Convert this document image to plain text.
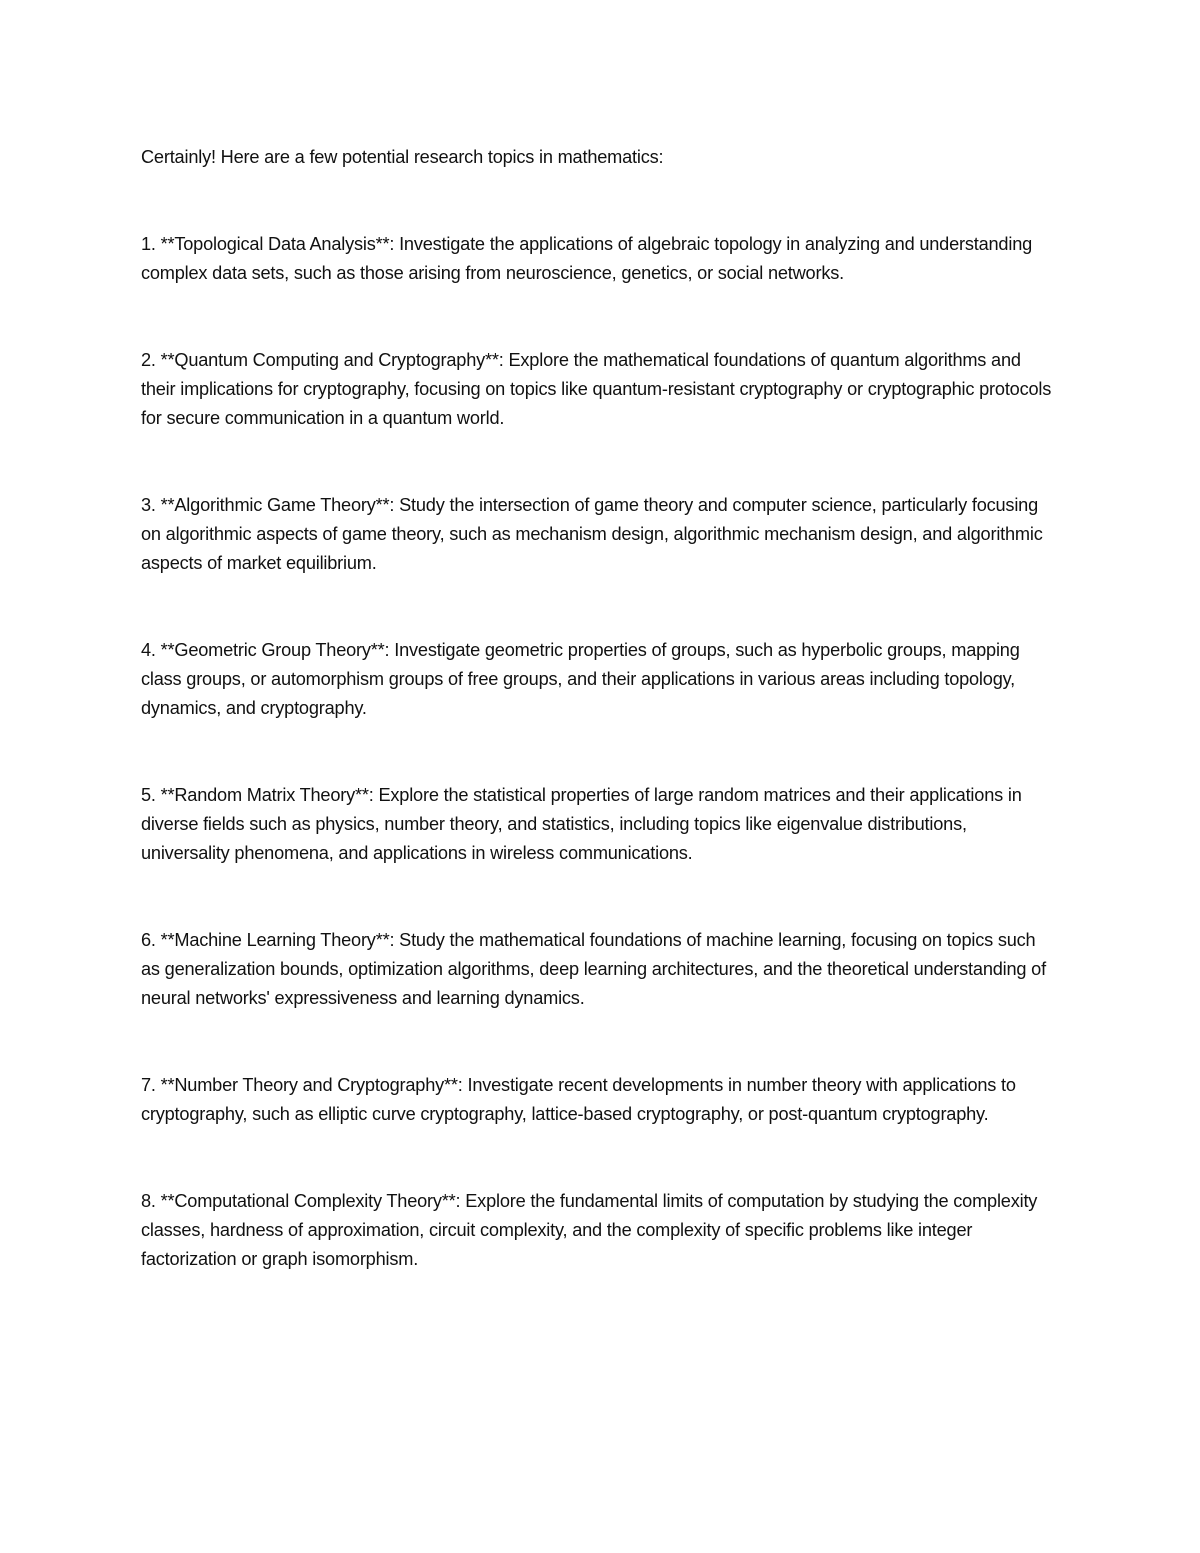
Certainly! Here are a few potential research topics in mathematics:

1. **Topological Data Analysis**: Investigate the applications of algebraic topology in analyzing and understanding complex data sets, such as those arising from neuroscience, genetics, or social networks.

2. **Quantum Computing and Cryptography**: Explore the mathematical foundations of quantum algorithms and their implications for cryptography, focusing on topics like quantum-resistant cryptography or cryptographic protocols for secure communication in a quantum world.

3. **Algorithmic Game Theory**: Study the intersection of game theory and computer science, particularly focusing on algorithmic aspects of game theory, such as mechanism design, algorithmic mechanism design, and algorithmic aspects of market equilibrium.

4. **Geometric Group Theory**: Investigate geometric properties of groups, such as hyperbolic groups, mapping class groups, or automorphism groups of free groups, and their applications in various areas including topology, dynamics, and cryptography.

5. **Random Matrix Theory**: Explore the statistical properties of large random matrices and their applications in diverse fields such as physics, number theory, and statistics, including topics like eigenvalue distributions, universality phenomena, and applications in wireless communications.

6. **Machine Learning Theory**: Study the mathematical foundations of machine learning, focusing on topics such as generalization bounds, optimization algorithms, deep learning architectures, and the theoretical understanding of neural networks' expressiveness and learning dynamics.

7. **Number Theory and Cryptography**: Investigate recent developments in number theory with applications to cryptography, such as elliptic curve cryptography, lattice-based cryptography, or post-quantum cryptography.

8. **Computational Complexity Theory**: Explore the fundamental limits of computation by studying the complexity classes, hardness of approximation, circuit complexity, and the complexity of specific problems like integer factorization or graph isomorphism.
